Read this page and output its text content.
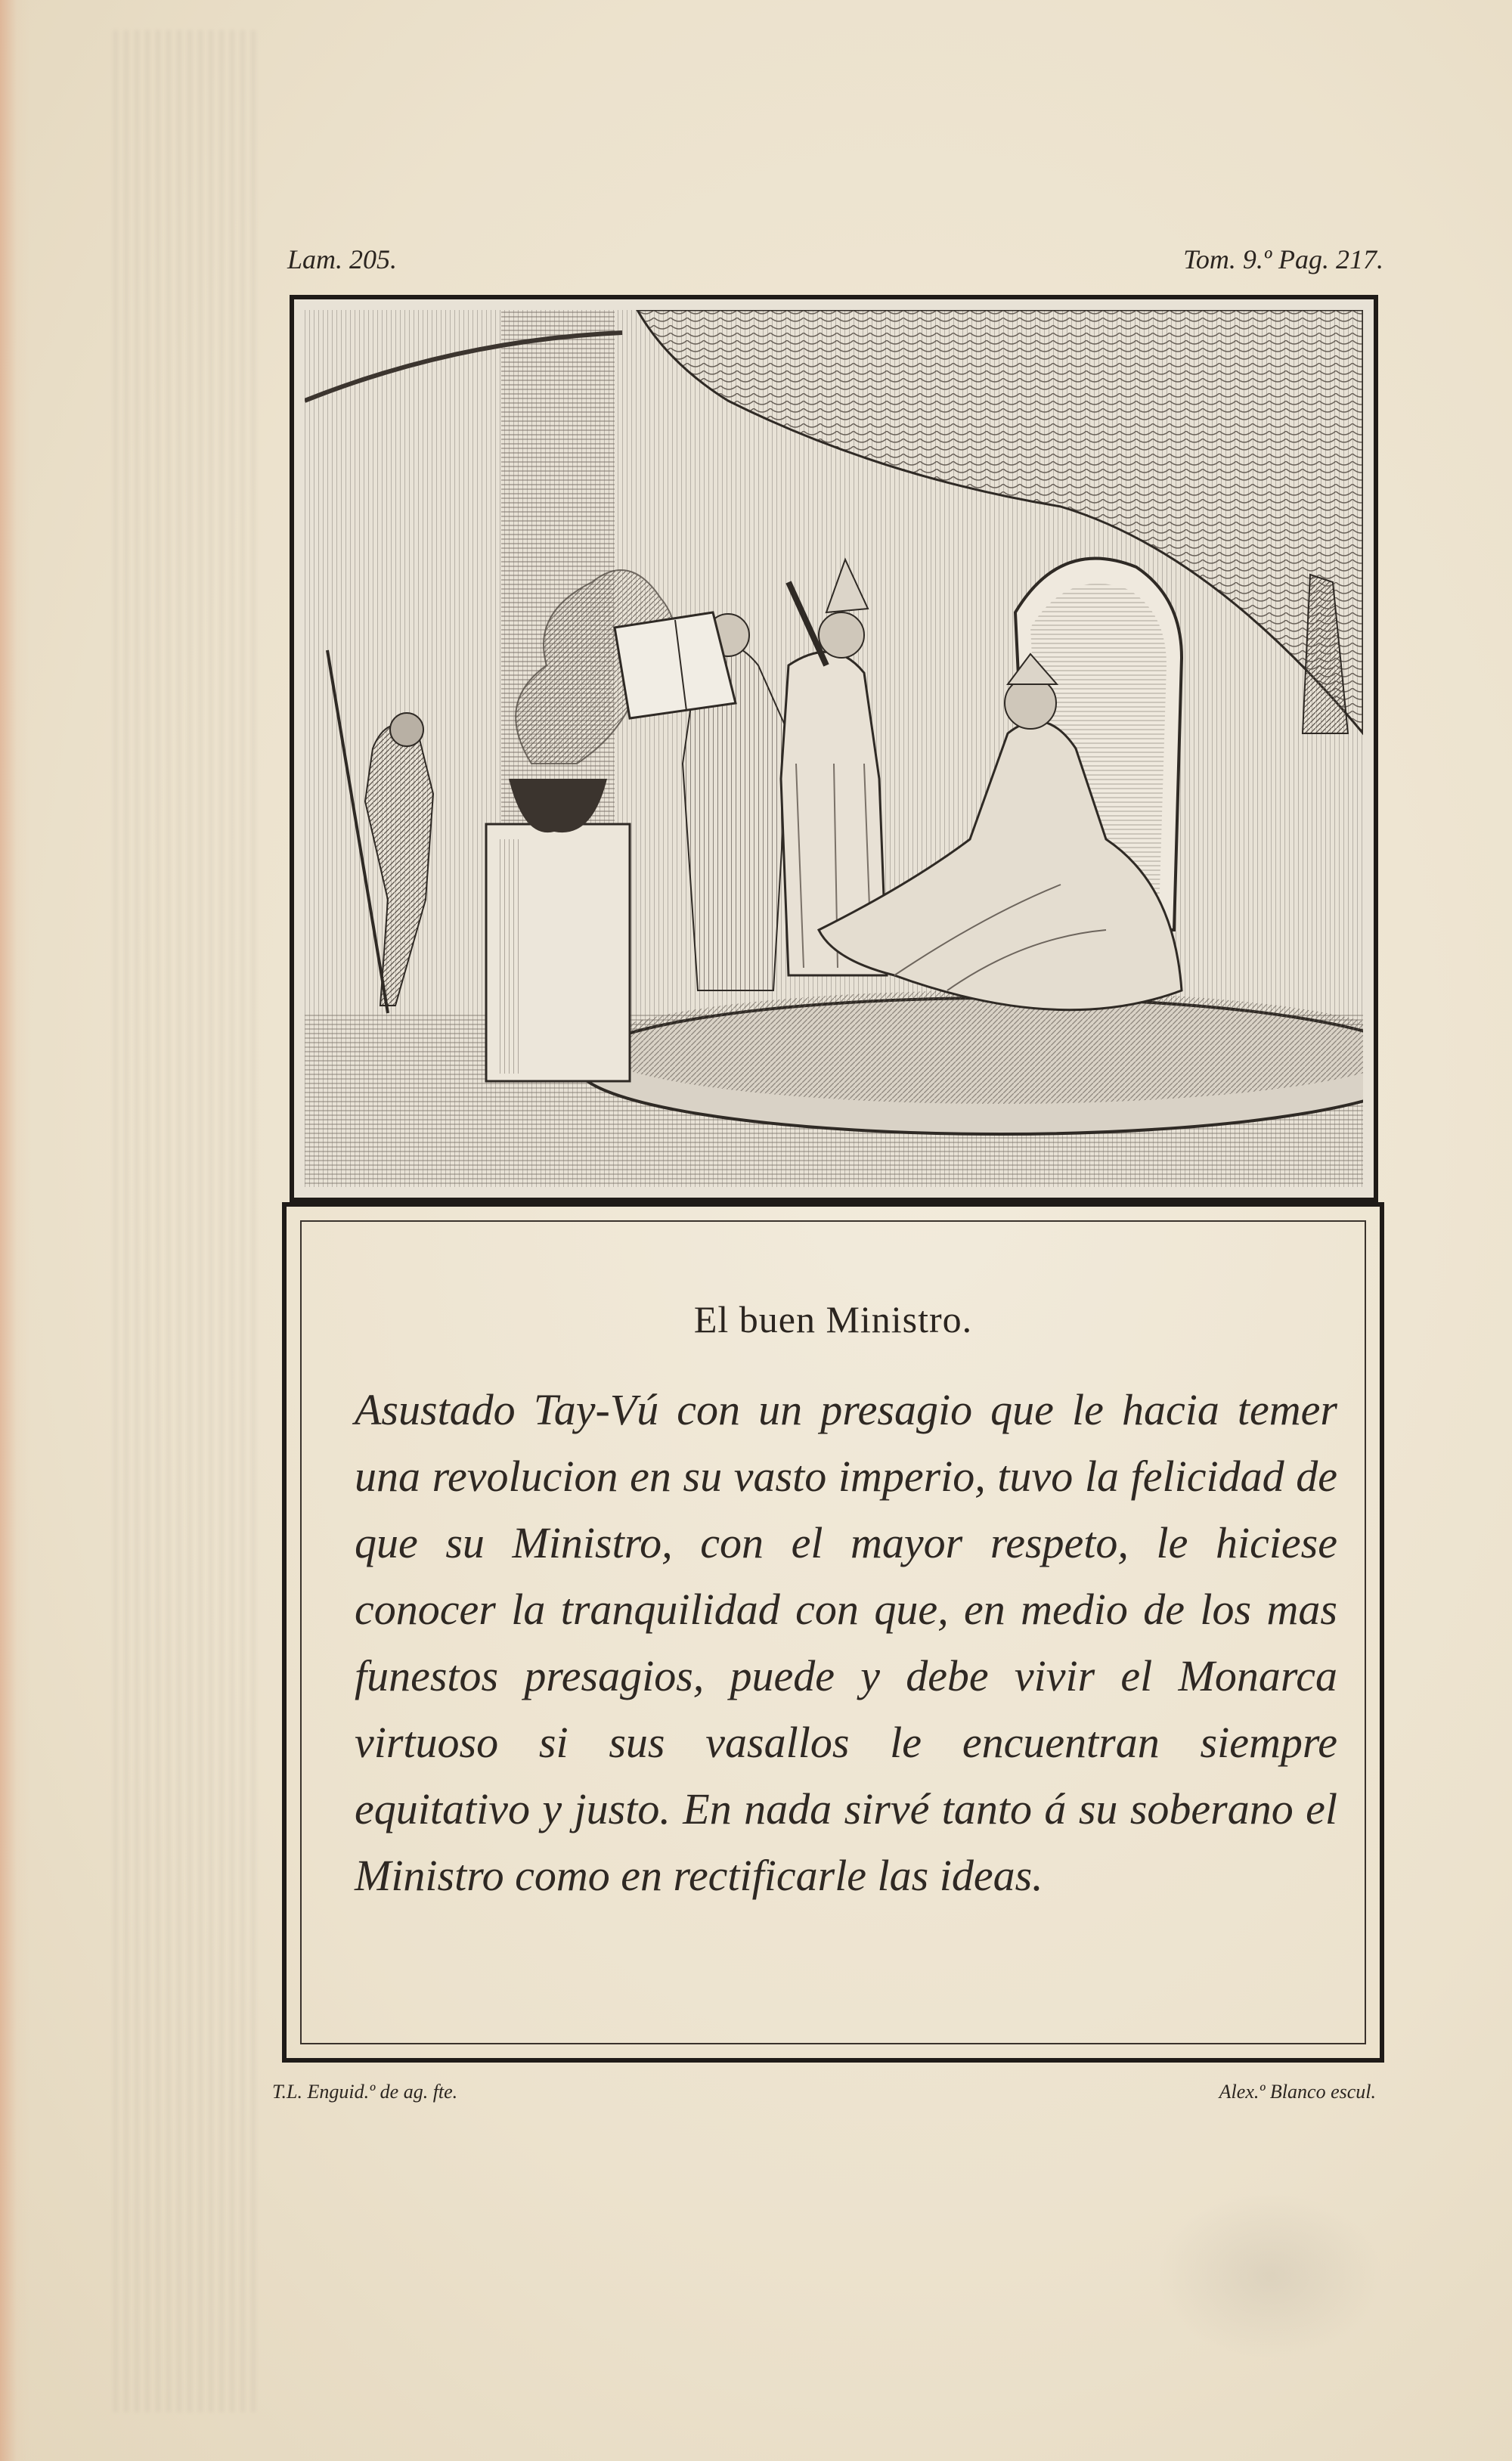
Lam. 205.	Tom. 9.º Pag. 217.
El buen Ministro.
Asustado Tay-Vú con un presagio que le hacia temer una revolucion en su vasto imperio, tuvo la felicidad de que su Ministro, con el mayor respeto, le hiciese conocer la tranquilidad con que, en medio de los mas funestos presagios, puede y debe vivir el Monarca virtuoso si sus vasallos le encuentran siempre equitativo y justo. En nada sirvé tanto á su soberano el Ministro como en rectificarle las ideas.
T.L. Enguid.º de ag. fte.	Alex.º Blanco escul.
